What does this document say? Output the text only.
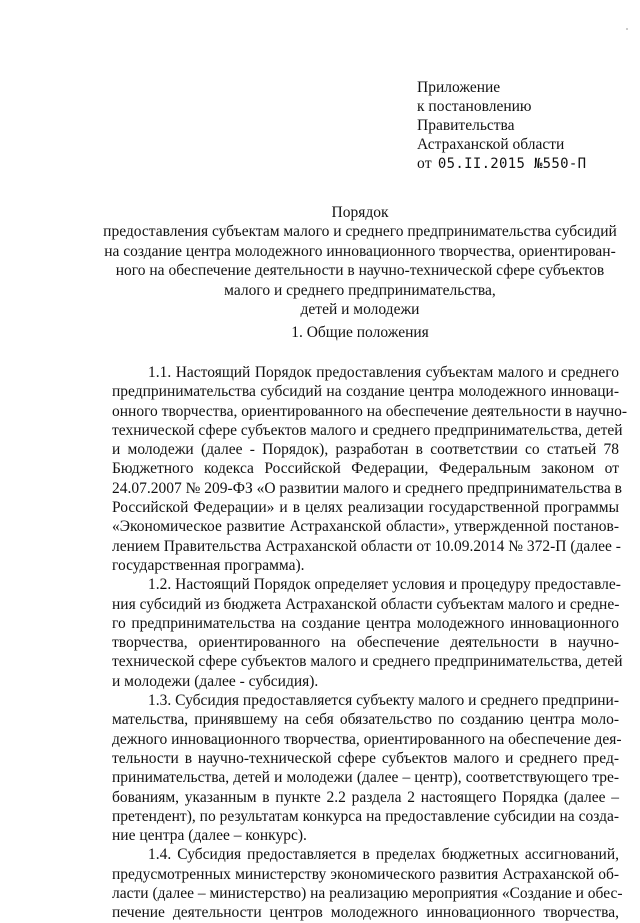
Приложение
к постановлению
Правительства
Астраханской области
от 05.II.2015 №550-П
Порядок
предоставления субъектам малого и среднего предпринимательства субсидий
на создание центра молодежного инновационного творчества, ориентирован-
ного на обеспечение деятельности в научно-технической сфере субъектов
малого и среднего предпринимательства,
детей и молодежи
1. Общие положения
1.1. Настоящий Порядок предоставления субъектам малого и среднего
предпринимательства субсидий на создание центра молодежного инноваци-
онного творчества, ориентированного на обеспечение деятельности в научно-
технической сфере субъектов малого и среднего предпринимательства, детей
и молодежи (далее - Порядок), разработан в соответствии со статьей 78
Бюджетного кодекса Российской Федерации, Федеральным законом от
24.07.2007 № 209-ФЗ «О развитии малого и среднего предпринимательства в
Российской Федерации» и в целях реализации государственной программы
«Экономическое развитие Астраханской области», утвержденной постанов-
лением Правительства Астраханской области от 10.09.2014 № 372-П (далее -
государственная программа).
1.2. Настоящий Порядок определяет условия и процедуру предоставле-
ния субсидий из бюджета Астраханской области субъектам малого и средне-
го предпринимательства на создание центра молодежного инновационного
творчества, ориентированного на обеспечение деятельности в научно-
технической сфере субъектов малого и среднего предпринимательства, детей
и молодежи (далее - субсидия).
1.3. Субсидия предоставляется субъекту малого и среднего предприни-
мательства, принявшему на себя обязательство по созданию центра моло-
дежного инновационного творчества, ориентированного на обеспечение дея-
тельности в научно-технической сфере субъектов малого и среднего пред-
принимательства, детей и молодежи (далее – центр), соответствующего тре-
бованиям, указанным в пункте 2.2 раздела 2 настоящего Порядка (далее –
претендент), по результатам конкурса на предоставление субсидии на созда-
ние центра (далее – конкурс).
1.4. Субсидия предоставляется в пределах бюджетных ассигнований,
предусмотренных министерству экономического развития Астраханской об-
ласти (далее – министерство) на реализацию мероприятия «Создание и обес-
печение деятельности центров молодежного инновационного творчества,
